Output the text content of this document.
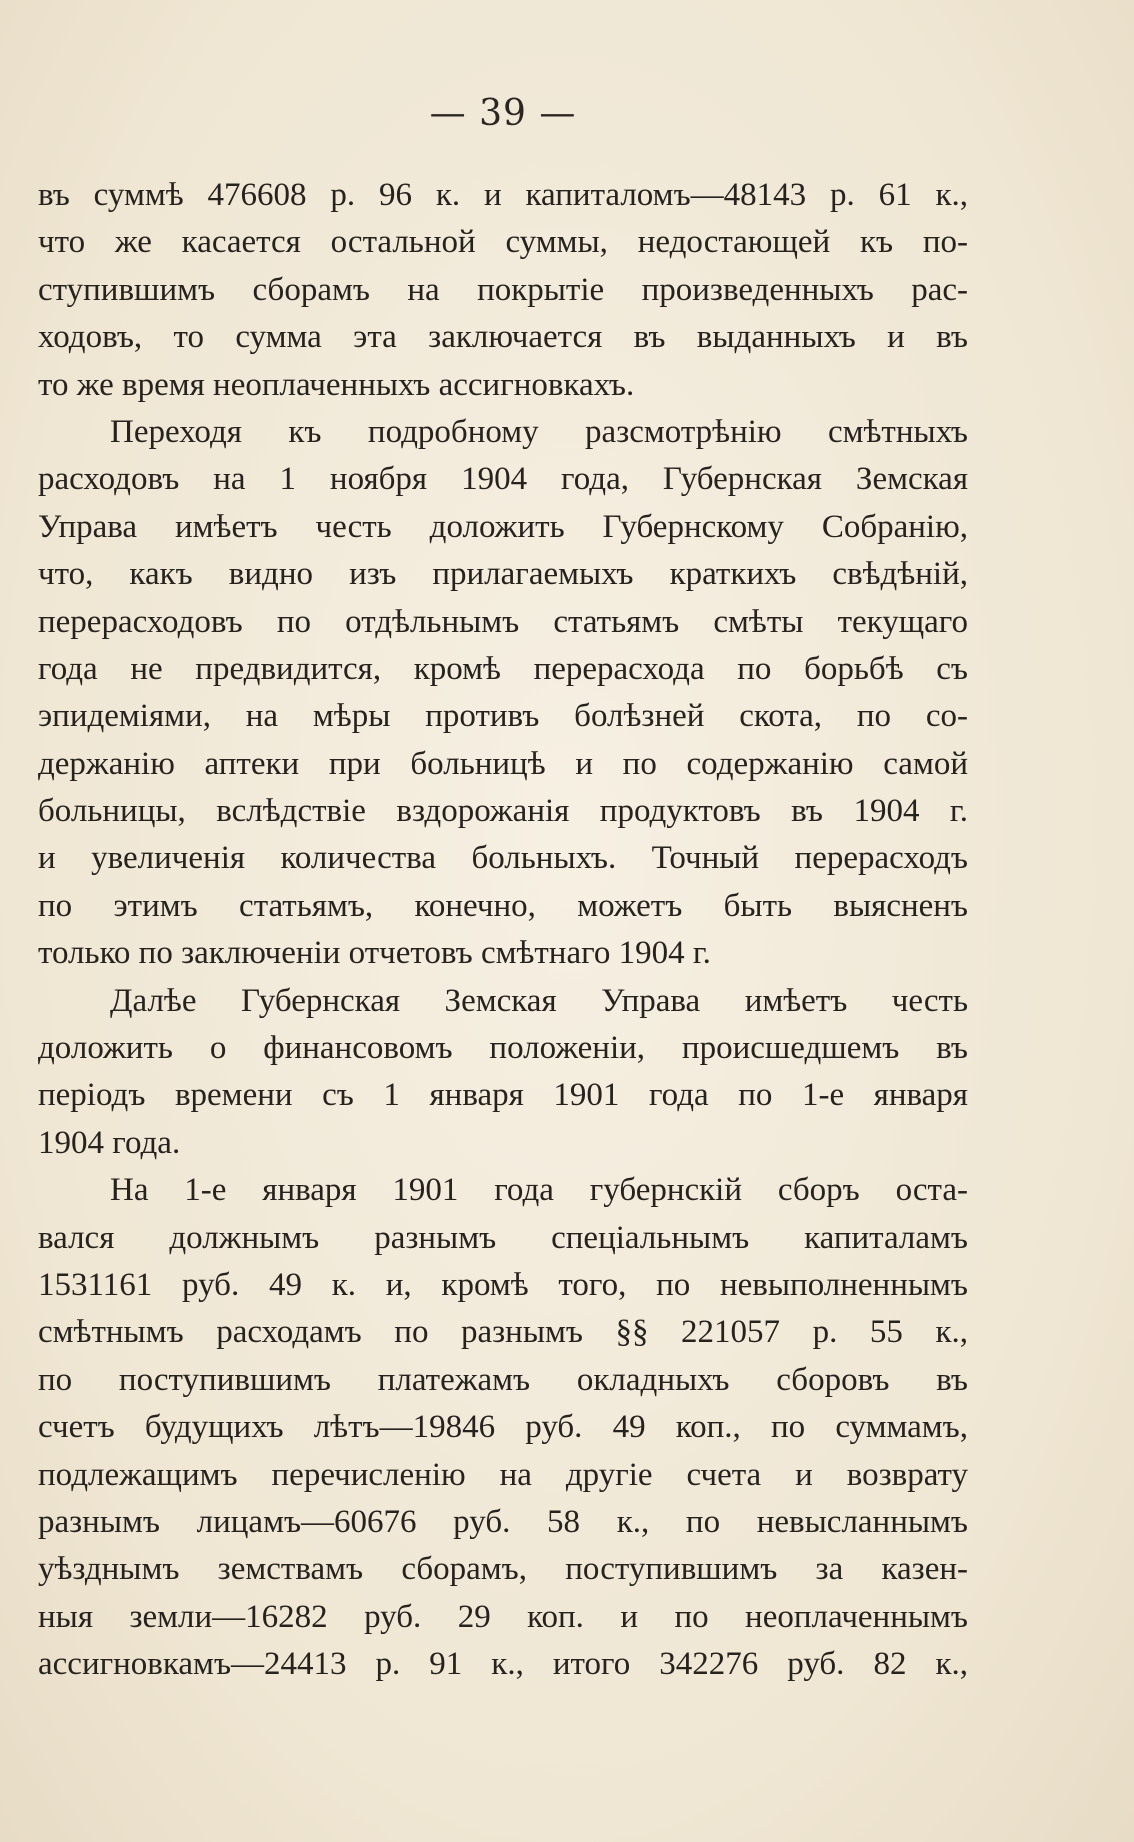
— 39 —
въ суммѣ 476608 р. 96 к. и капиталомъ—48143 р. 61 к.,
что же касается остальной суммы, недостающей къ по-
ступившимъ сборамъ на покрытіе произведенныхъ рас-
ходовъ, то сумма эта заключается въ выданныхъ и въ
то же время неоплаченныхъ ассигновкахъ.
Переходя къ подробному разсмотрѣнію смѣтныхъ
расходовъ на 1 ноября 1904 года, Губернская Земская
Управа имѣетъ честь доложить Губернскому Собранію,
что, какъ видно изъ прилагаемыхъ краткихъ свѣдѣній,
перерасходовъ по отдѣльнымъ статьямъ смѣты текущаго
года не предвидится, кромѣ перерасхода по борьбѣ съ
эпидеміями, на мѣры противъ болѣзней скота, по со-
держанію аптеки при больницѣ и по содержанію самой
больницы, вслѣдствіе вздорожанія продуктовъ въ 1904 г.
и увеличенія количества больныхъ. Точный перерасходъ
по этимъ статьямъ, конечно, можетъ быть выясненъ
только по заключеніи отчетовъ смѣтнаго 1904 г.
Далѣе Губернская Земская Управа имѣетъ честь
доложить о финансовомъ положеніи, происшедшемъ въ
періодъ времени съ 1 января 1901 года по 1-е января
1904 года.
На 1-е января 1901 года губернскій сборъ оста-
вался должнымъ разнымъ спеціальнымъ капиталамъ
1531161 руб. 49 к. и, кромѣ того, по невыполненнымъ
смѣтнымъ расходамъ по разнымъ §§ 221057 р. 55 к.,
по поступившимъ платежамъ окладныхъ сборовъ въ
счетъ будущихъ лѣтъ—19846 руб. 49 коп., по суммамъ,
подлежащимъ перечисленію на другіе счета и возврату
разнымъ лицамъ—60676 руб. 58 к., по невысланнымъ
уѣзднымъ земствамъ сборамъ, поступившимъ за казен-
ныя земли—16282 руб. 29 коп. и по неоплаченнымъ
ассигновкамъ—24413 р. 91 к., итого 342276 руб. 82 к.,
